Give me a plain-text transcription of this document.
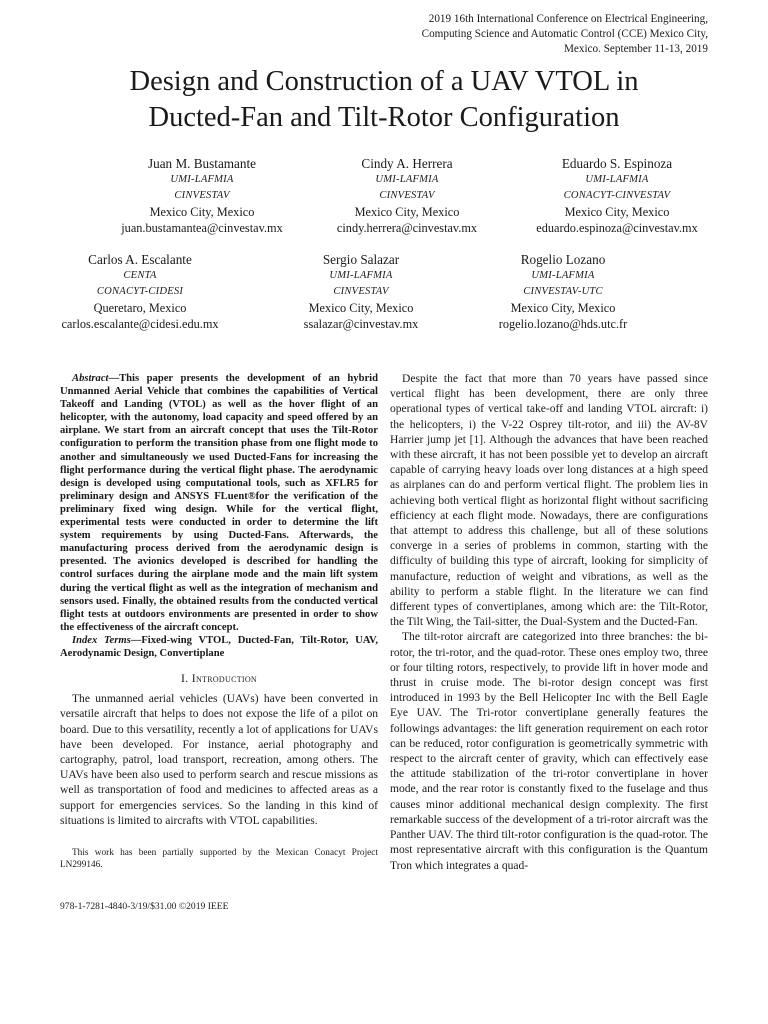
2019 16th International Conference on Electrical Engineering,
Computing Science and Automatic Control (CCE) Mexico City,
Mexico. September 11-13, 2019
Design and Construction of a UAV VTOL in
Ducted-Fan and Tilt-Rotor Configuration
Juan M. Bustamante
UMI-LAFMIA
CINVESTAV
Mexico City, Mexico
juan.bustamantea@cinvestav.mx
Cindy A. Herrera
UMI-LAFMIA
CINVESTAV
Mexico City, Mexico
cindy.herrera@cinvestav.mx
Eduardo S. Espinoza
UMI-LAFMIA
CONACYT-CINVESTAV
Mexico City, Mexico
eduardo.espinoza@cinvestav.mx
Carlos A. Escalante
CENTA
CONACYT-CIDESI
Queretaro, Mexico
carlos.escalante@cidesi.edu.mx
Sergio Salazar
UMI-LAFMIA
CINVESTAV
Mexico City, Mexico
ssalazar@cinvestav.mx
Rogelio Lozano
UMI-LAFMIA
CINVESTAV-UTC
Mexico City, Mexico
rogelio.lozano@hds.utc.fr

Abstract—This paper presents the development of an hybrid Unmanned Aerial Vehicle that combines the capabilities of Vertical Takeoff and Landing (VTOL) as well as the hover flight of an helicopter, with the autonomy, load capacity and speed offered by an airplane. We start from an aircraft concept that uses the Tilt-Rotor configuration to perform the transition phase from one flight mode to another and simultaneously we used Ducted-Fans for increasing the flight performance during the vertical flight phase. The aerodynamic design is developed using computational tools, such as XFLR5 for preliminary design and ANSYS FLuent®for the verification of the preliminary fixed wing design. While for the vertical flight, experimental tests were conducted in order to determine the lift system requirements by using Ducted-Fans. Afterwards, the manufacturing process derived from the aerodynamic design is presented. The avionics developed is described for handling the control surfaces during the airplane mode and the main lift system during the vertical flight as well as the integration of mechanism and sensors used. Finally, the obtained results from the conducted vertical flight tests at outdoors environments are presented in order to show the effectiveness of the aircraft concept.

Index Terms—Fixed-wing VTOL, Ducted-Fan, Tilt-Rotor, UAV, Aerodynamic Design, Convertiplane

I. Introduction

The unmanned aerial vehicles (UAVs) have been converted in versatile aircraft that helps to does not expose the life of a pilot on board. Due to this versatility, recently a lot of applications for UAVs have been developed. For instance, aerial photography and cartography, patrol, load transport, recreation, among others. The UAVs have been also used to perform search and rescue missions as well as transportation of food and medicines to affected areas as a support for emergencies services. So the landing in this kind of situations is limited to aircrafts with VTOL capabilities.

This work has been partially supported by the Mexican Conacyt Project LN299146.

978-1-7281-4840-3/19/$31.00 ©2019 IEEE

Despite the fact that more than 70 years have passed since vertical flight has been development, there are only three operational types of vertical take-off and landing VTOL aircraft: i) the helicopters, i) the V-22 Osprey tilt-rotor, and iii) the AV-8V Harrier jump jet [1]. Although the advances that have been reached with these aircraft, it has not been possible yet to develop an aircraft capable of carrying heavy loads over long distances at a high speed as airplanes can do and perform vertical flight. The problem lies in achieving both vertical flight as horizontal flight without sacrificing efficiency at each flight mode. Nowadays, there are configurations that attempt to address this challenge, but all of these solutions converge in a series of problems in common, starting with the difficulty of building this type of aircraft, looking for simplicity of manufacture, reduction of weight and vibrations, as well as the ability to perform a stable flight. In the literature we can find different types of convertiplanes, among which are: the Tilt-Rotor, the Tilt Wing, the Tail-sitter, the Dual-System and the Ducted-Fan.

The tilt-rotor aircraft are categorized into three branches: the bi-rotor, the tri-rotor, and the quad-rotor. These ones employ two, three or four tilting rotors, respectively, to provide lift in hover mode and thrust in cruise mode. The bi-rotor design concept was first introduced in 1993 by the Bell Helicopter Inc with the Bell Eagle Eye UAV. The Tri-rotor convertiplane generally features the followings advantages: the lift generation requirement on each rotor can be reduced, rotor configuration is geometrically symmetric with respect to the aircraft center of gravity, which can effectively ease the attitude stabilization of the tri-rotor convertiplane in hover mode, and the rear rotor is constantly fixed to the fuselage and thus causes minor additional mechanical design complexity. The first remarkable success of the development of a tri-rotor aircraft was the Panther UAV. The third tilt-rotor configuration is the quad-rotor. The most representative aircraft with this configuration is the Quantum Tron which integrates a quad-
